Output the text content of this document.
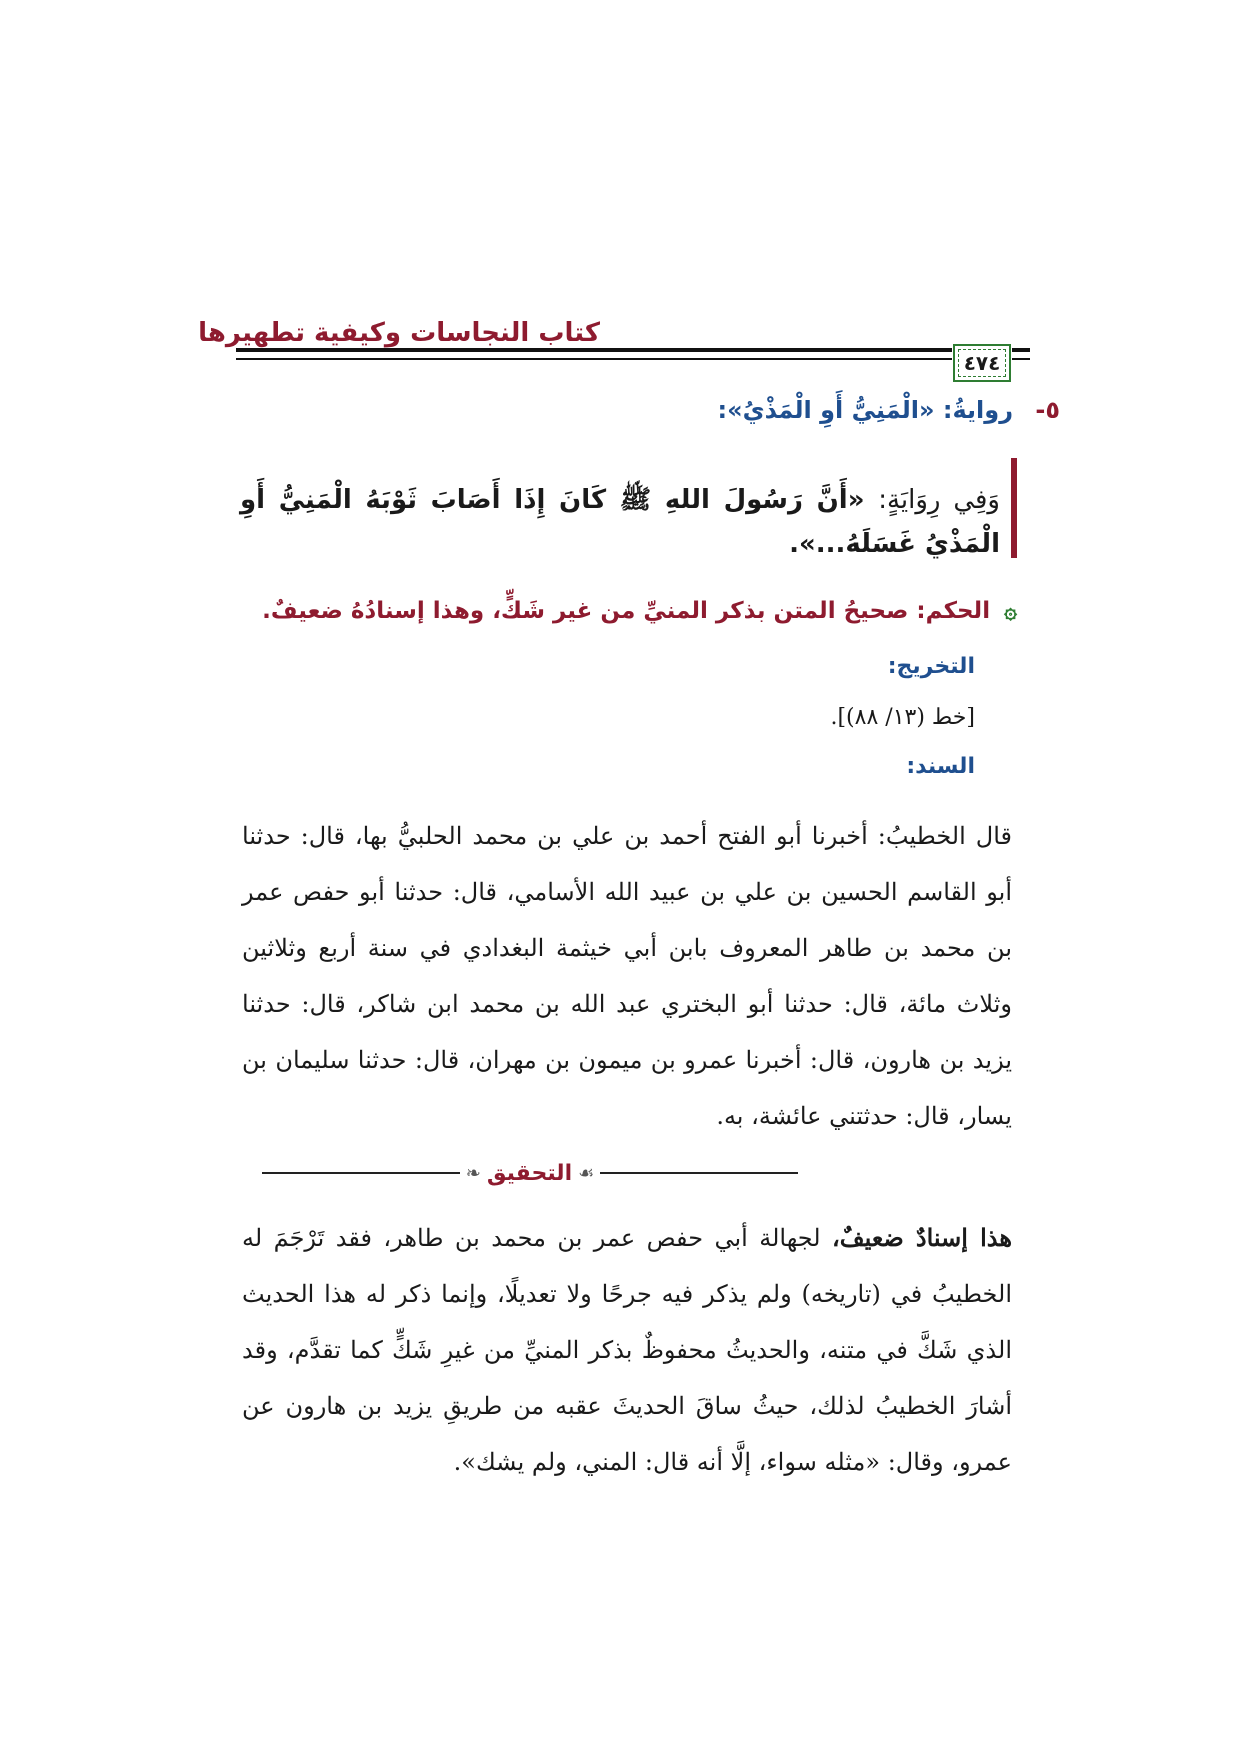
كتاب النجاسات وكيفية تطهيرها
٤٧٤
٥- روايةُ: «الْمَنِيُّ أَوِ الْمَذْيُ»:
وَفِي رِوَايَةٍ: «أَنَّ رَسُولَ اللهِ ﷺ كَانَ إِذَا أَصَابَ ثَوْبَهُ الْمَنِيُّ أَوِ الْمَذْيُ غَسَلَهُ...».
۞ الحكم: صحيحُ المتن بذكر المنيِّ من غير شَكٍّ، وهذا إسنادُهُ ضعيفٌ.
التخريج:
[خط (١٣/ ٨٨)].
السند:
قال الخطيبُ: أخبرنا أبو الفتح أحمد بن علي بن محمد الحلبيُّ بها، قال: حدثنا أبو القاسم الحسين بن علي بن عبيد الله الأسامي، قال: حدثنا أبو حفص عمر بن محمد بن طاهر المعروف بابن أبي خيثمة البغدادي في سنة أربع وثلاثين وثلاث مائة، قال: حدثنا أبو البختري عبد الله بن محمد ابن شاكر، قال: حدثنا يزيد بن هارون، قال: أخبرنا عمرو بن ميمون بن مهران، قال: حدثنا سليمان بن يسار، قال: حدثتني عائشة، به.
❧ التحقيق ☙
هذا إسنادٌ ضعيفٌ، لجهالة أبي حفص عمر بن محمد بن طاهر، فقد تَرْجَمَ له الخطيبُ في (تاريخه) ولم يذكر فيه جرحًا ولا تعديلًا، وإنما ذكر له هذا الحديث الذي شَكَّ في متنه، والحديثُ محفوظٌ بذكر المنيِّ من غيرِ شَكٍّ كما تقدَّم، وقد أشارَ الخطيبُ لذلك، حيثُ ساقَ الحديثَ عقبه من طريقِ يزيد بن هارون عن عمرو، وقال: «مثله سواء، إلَّا أنه قال: المني، ولم يشك».
